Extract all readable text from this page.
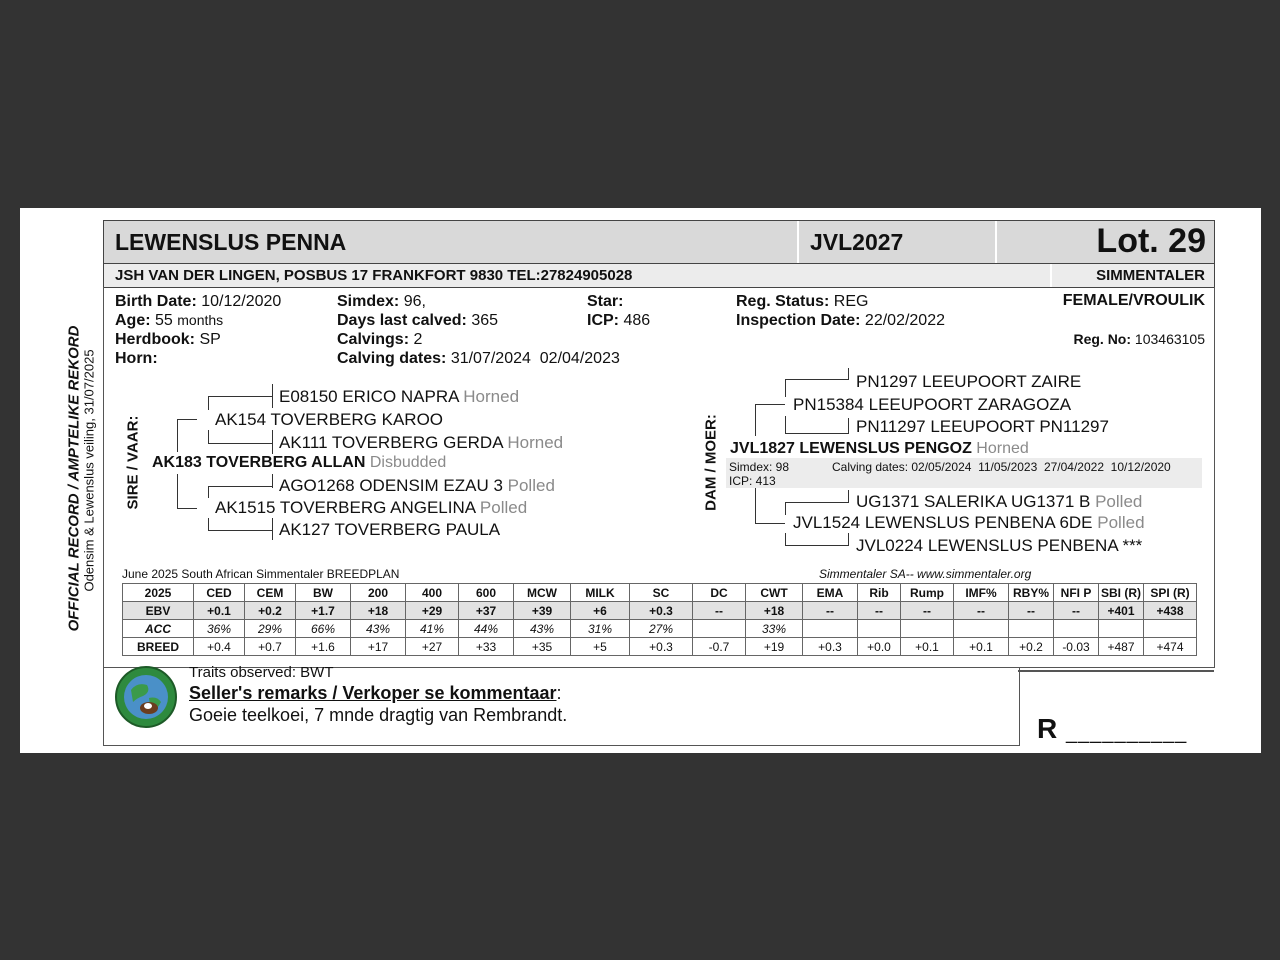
LEWENSLUS PENNA	JVL2027	Lot. 29
JSH VAN DER LINGEN, POSBUS 17 FRANKFORT 9830 TEL:27824905028	SIMMENTALER
OFFICIAL RECORD / AMPTELIKE REKORD Odensim & Lewenslus veiling, 31/07/2025
Birth Date: 10/12/2020
Age: 55 months
Herdbook: SP
Horn:
Simdex: 96,
Days last calved: 365
Calvings: 2
Calving dates: 31/07/2024  02/04/2023
Star:
ICP: 486
Reg. Status: REG
Inspection Date: 22/02/2022
FEMALE/VROULIK
Reg. No: 103463105
SIRE / VAAR: AK183 TOVERBERG ALLAN Disbudded
AK154 TOVERBERG KAROO
AK1515 TOVERBERG ANGELINA Polled
E08150 ERICO NAPRA Horned
AK111 TOVERBERG GERDA Horned
AGO1268 ODENSIM EZAU 3 Polled
AK127 TOVERBERG PAULA
DAM / MOER:
PN1297 LEEUPOORT ZAIRE
PN15384 LEEUPOORT ZARAGOZA
PN11297 LEEUPOORT PN11297
JVL1827 LEWENSLUS PENGOZ Horned
Simdex: 98
ICP: 413
Calving dates: 02/05/2024  11/05/2023  27/04/2022  10/12/2020
UG1371 SALERIKA UG1371 B Polled
JVL1524 LEWENSLUS PENBENA 6DE Polled
JVL0224 LEWENSLUS PENBENA ***
June 2025 South African Simmentaler BREEDPLAN	Simmentaler SA-- www.simmentaler.org
2025	CED	CEM	BW	200	400	600	MCW	MILK	SC	DC	CWT	EMA	Rib	Rump	IMF%	RBY%	NFI P	SBI (R)	SPI (R)
EBV	+0.1	+0.2	+1.7	+18	+29	+37	+39	+6	+0.3	--	+18	--	--	--	--	--	--	+401	+438
ACC	36%	29%	66%	43%	41%	44%	43%	31%	27%		33%								
BREED	+0.4	+0.7	+1.6	+17	+27	+33	+35	+5	+0.3	-0.7	+19	+0.3	+0.0	+0.1	+0.1	+0.2	-0.03	+487	+474
Traits observed: BWT
Seller's remarks / Verkoper se kommentaar:
Goeie teelkoei, 7 mnde dragtig van Rembrandt.	R __________
